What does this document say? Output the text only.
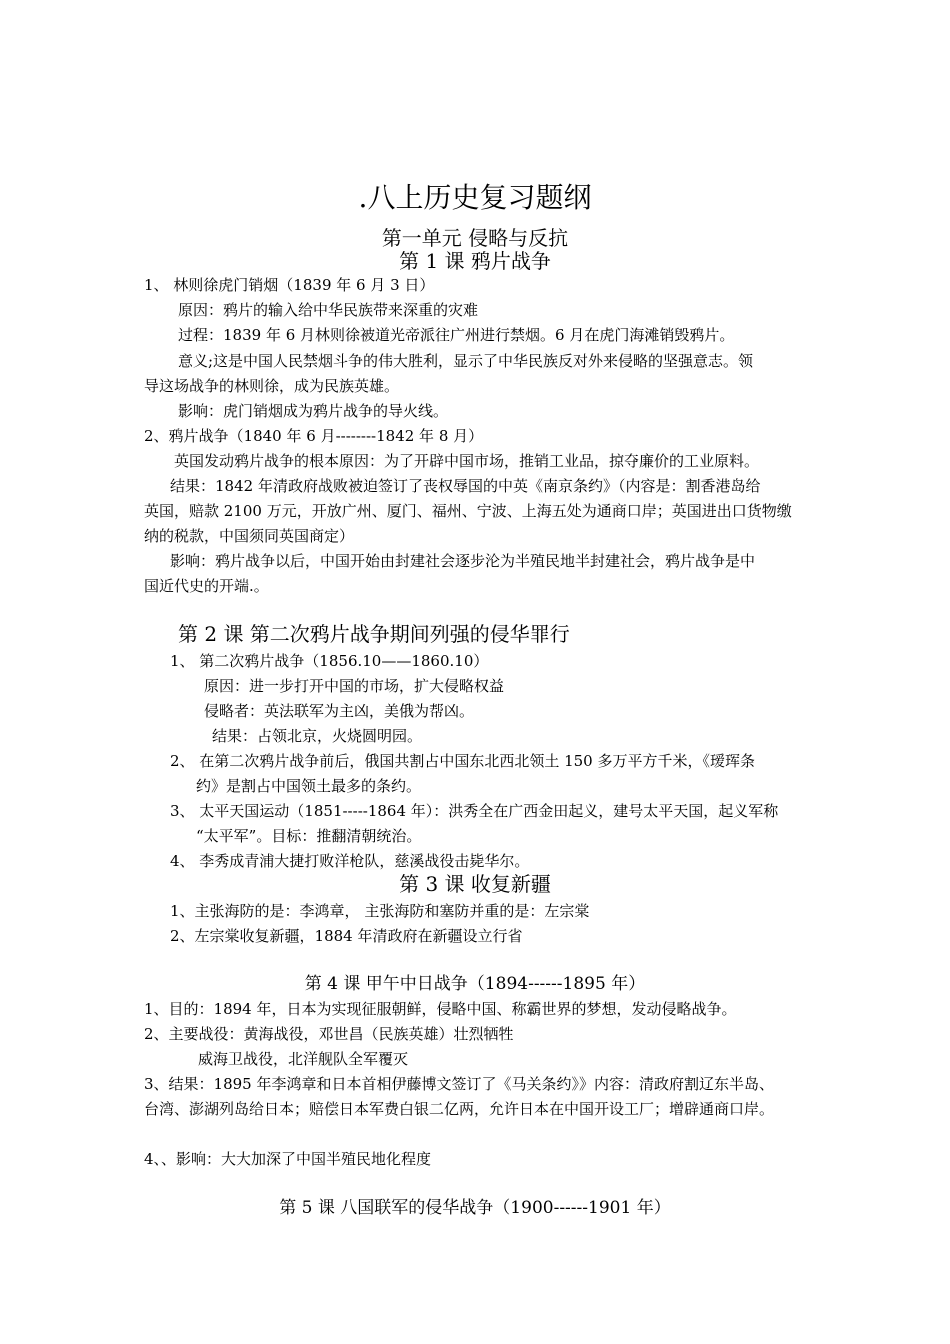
.八上历史复习题纲
第一单元 侵略与反抗
第 1 课 鸦片战争
1、 林则徐虎门销烟（1839 年 6 月 3 日）
原因：鸦片的输入给中华民族带来深重的灾难
过程：1839 年 6 月林则徐被道光帝派往广州进行禁烟。6 月在虎门海滩销毁鸦片。
意义;这是中国人民禁烟斗争的伟大胜利，显示了中华民族反对外来侵略的坚强意志。领
导这场战争的林则徐，成为民族英雄。
影响：虎门销烟成为鸦片战争的导火线。
2、鸦片战争（1840 年 6 月--------1842 年 8 月）
英国发动鸦片战争的根本原因：为了开辟中国市场，推销工业品，掠夺廉价的工业原料。
结果：1842 年清政府战败被迫签订了丧权辱国的中英《南京条约》（内容是：割香港岛给
英国，赔款 2100 万元，开放广州、厦门、福州、宁波、上海五处为通商口岸；英国进出口货物缴
纳的税款，中国须同英国商定）
影响：鸦片战争以后，中国开始由封建社会逐步沦为半殖民地半封建社会，鸦片战争是中
国近代史的开端.。
第 2 课 第二次鸦片战争期间列强的侵华罪行
1、 第二次鸦片战争（1856.10——1860.10）
原因：进一步打开中国的市场，扩大侵略权益
侵略者：英法联军为主凶，美俄为帮凶。
结果：占领北京，火烧圆明园。
2、 在第二次鸦片战争前后，俄国共割占中国东北西北领土 150 多万平方千米，《瑷珲条
约》是割占中国领土最多的条约。
3、 太平天国运动（1851-----1864 年）：洪秀全在广西金田起义，建号太平天国，起义军称
“太平军”。目标：推翻清朝统治。
4、 李秀成青浦大捷打败洋枪队，慈溪战役击毙华尔。
第 3 课 收复新疆
1、主张海防的是：李鸿章， 主张海防和塞防并重的是：左宗棠
2、左宗棠收复新疆，1884 年清政府在新疆设立行省
第 4 课 甲午中日战争（1894------1895 年）
1、目的：1894 年，日本为实现征服朝鲜，侵略中国、称霸世界的梦想，发动侵略战争。
2、主要战役：黄海战役，邓世昌（民族英雄）壮烈牺牲
威海卫战役，北洋舰队全军覆灭
3、结果：1895 年李鸿章和日本首相伊藤博文签订了《马关条约》》内容：清政府割辽东半岛、
台湾、澎湖列岛给日本；赔偿日本军费白银二亿两，允许日本在中国开设工厂；增辟通商口岸。
4、、影响：大大加深了中国半殖民地化程度
第 5 课 八国联军的侵华战争（1900------1901 年）
